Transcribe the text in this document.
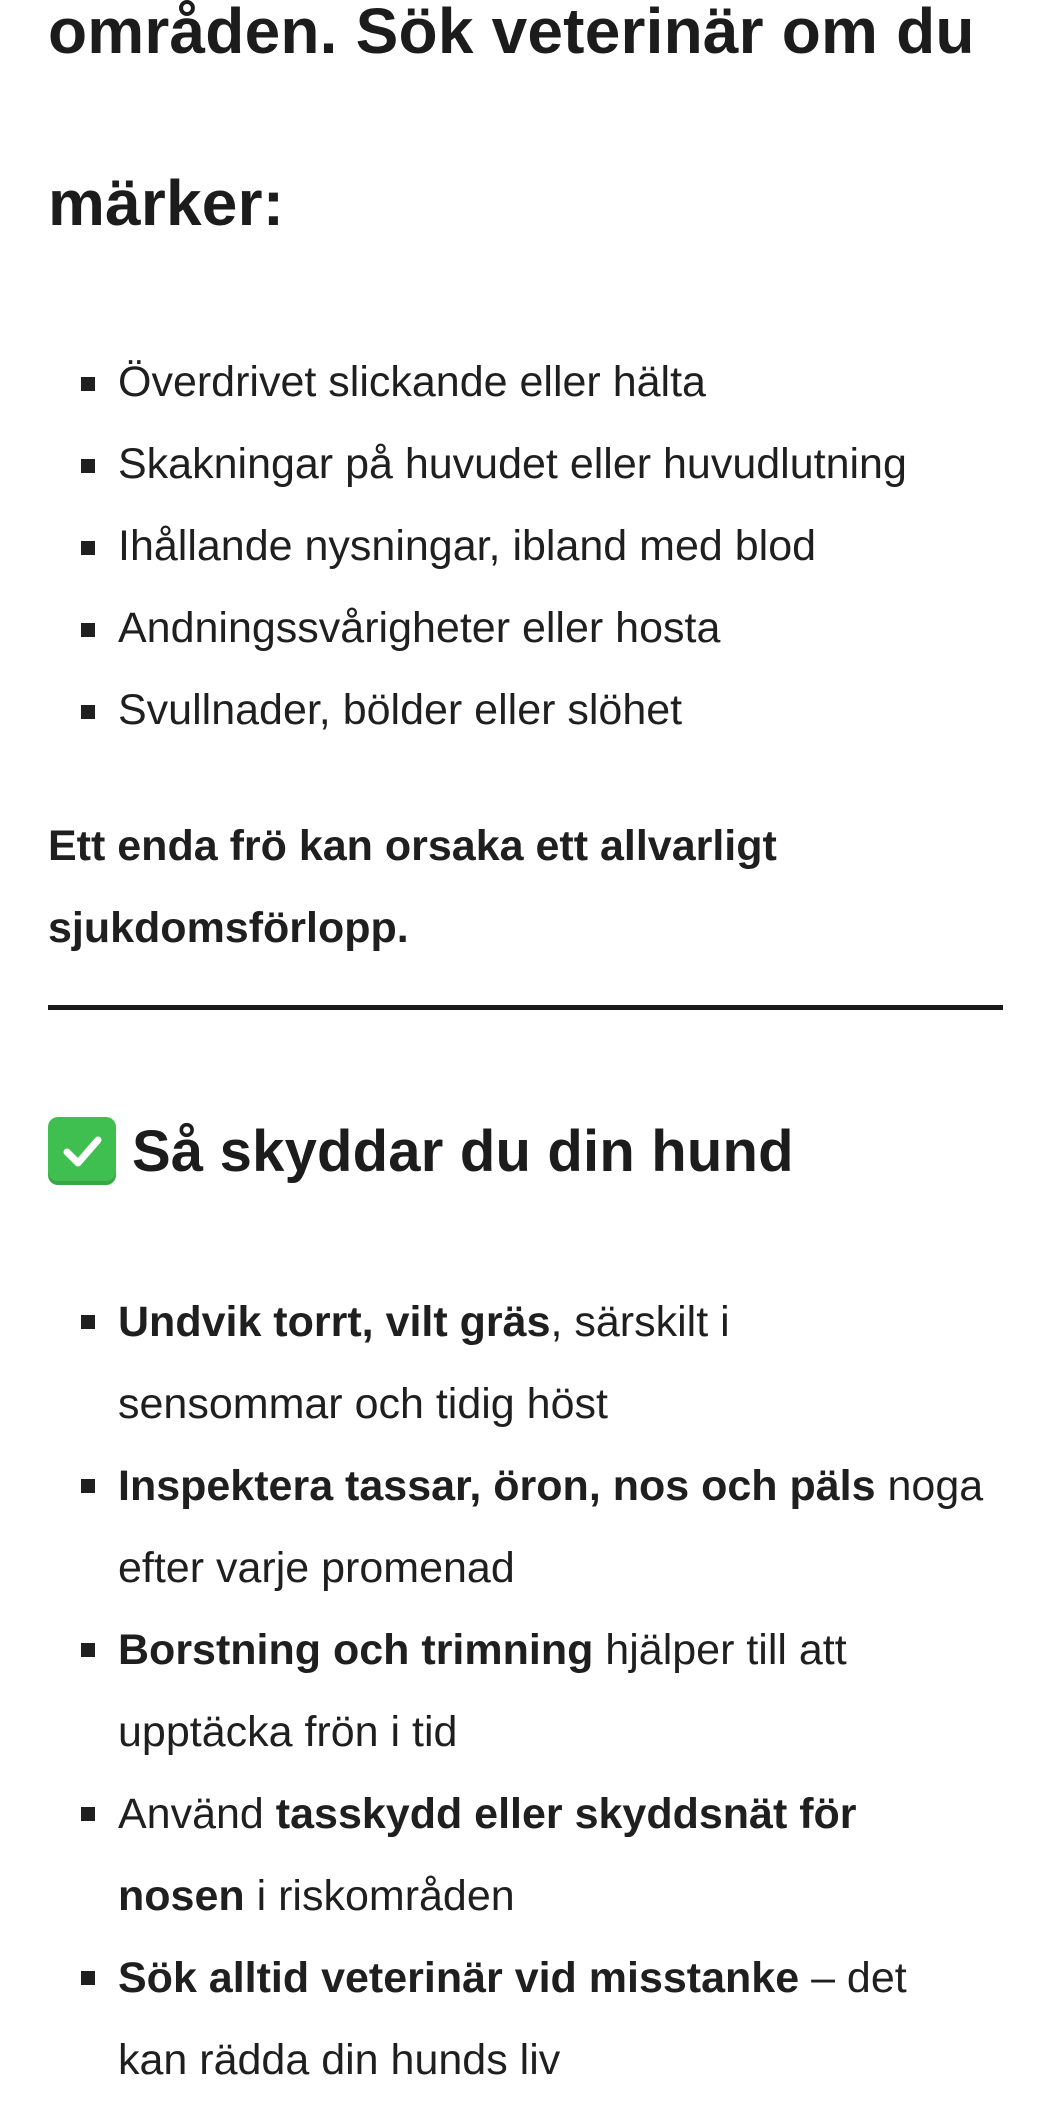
områden. Sök veterinär om du
märker:
Överdrivet slickande eller hälta
Skakningar på huvudet eller huvudlutning
Ihållande nysningar, ibland med blod
Andningssvårigheter eller hosta
Svullnader, bölder eller slöhet

Ett enda frö kan orsaka ett allvarligt
sjukdomsförlopp.

Så skyddar du din hund
Undvik torrt, vilt gräs, särskilt i
sensommar och tidig höst
Inspektera tassar, öron, nos och päls noga
efter varje promenad
Borstning och trimning hjälper till att
upptäcka frön i tid
Använd tasskydd eller skyddsnät för
nosen i riskområden
Sök alltid veterinär vid misstanke – det
kan rädda din hunds liv
